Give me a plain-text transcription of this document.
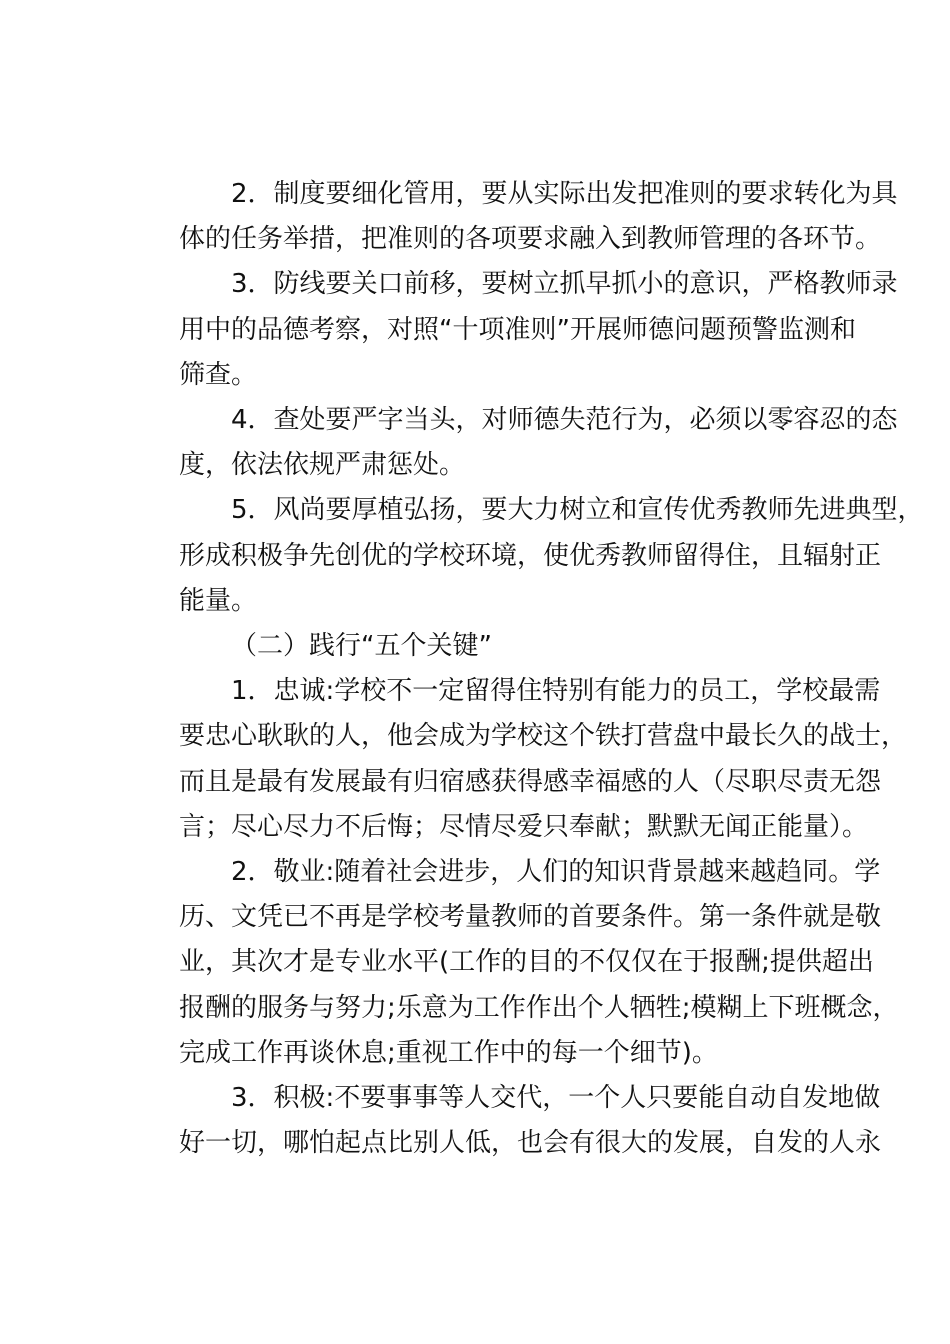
2．制度要细化管用，要从实际出发把准则的要求转化为具
体的任务举措，把准则的各项要求融入到教师管理的各环节。
3．防线要关口前移，要树立抓早抓小的意识，严格教师录
用中的品德考察，对照“十项准则”开展师德问题预警监测和
筛查。
4．查处要严字当头，对师德失范行为，必须以零容忍的态
度，依法依规严肃惩处。
5．风尚要厚植弘扬，要大力树立和宣传优秀教师先进典型，
形成积极争先创优的学校环境，使优秀教师留得住，且辐射正
能量。
（二）践行“五个关键”
1．忠诚:学校不一定留得住特别有能力的员工，学校最需
要忠心耿耿的人，他会成为学校这个铁打营盘中最长久的战士，
而且是最有发展最有归宿感获得感幸福感的人（尽职尽责无怨
言；尽心尽力不后悔；尽情尽爱只奉献；默默无闻正能量）。
2．敬业:随着社会进步，人们的知识背景越来越趋同。学
历、文凭已不再是学校考量教师的首要条件。第一条件就是敬
业，其次才是专业水平(工作的目的不仅仅在于报酬;提供超出
报酬的服务与努力;乐意为工作作出个人牺牲;模糊上下班概念，
完成工作再谈休息;重视工作中的每一个细节)。
3．积极:不要事事等人交代，一个人只要能自动自发地做
好一切，哪怕起点比别人低，也会有很大的发展，自发的人永
